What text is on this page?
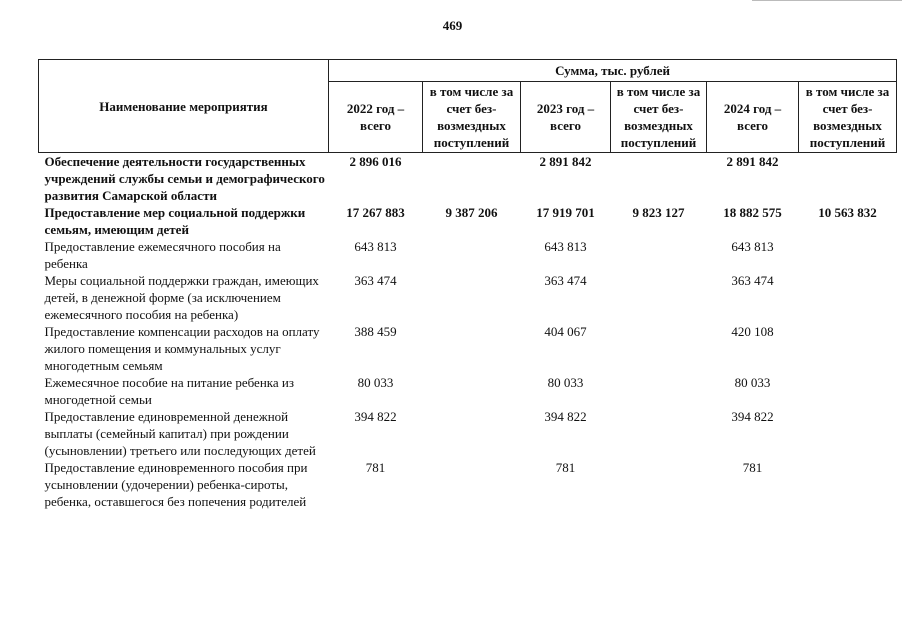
469
Наименование мероприятия	Сумма, тыс. рублей					
	2022 год – всего	в том числе за счет без-возмездных поступлений	2023 год – всего	в том числе за счет без-возмездных поступлений	2024 год – всего	в том числе за счет без-возмездных поступлений
Обеспечение деятельности государственных учреждений службы семьи и демографического развития Самарской области	2 896 016		2 891 842		2 891 842	
Предоставление мер социальной поддержки семьям, имеющим детей	17 267 883	9 387 206	17 919 701	9 823 127	18 882 575	10 563 832
Предоставление ежемесячного пособия на ребенка	643 813		643 813		643 813	
Меры социальной поддержки граждан, имеющих детей, в денежной форме (за исключением ежемесячного пособия на ребенка)	363 474		363 474		363 474	
Предоставление компенсации расходов на оплату жилого помещения и коммунальных услуг многодетным семьям	388 459		404 067		420 108	
Ежемесячное пособие на питание ребенка из многодетной семьи	80 033		80 033		80 033	
Предоставление единовременной денежной выплаты (семейный капитал) при рождении (усыновлении) третьего или последующих детей	394 822		394 822		394 822	
Предоставление единовременного пособия при усыновлении (удочерении) ребенка-сироты, ребенка, оставшегося без попечения родителей	781		781		781	
